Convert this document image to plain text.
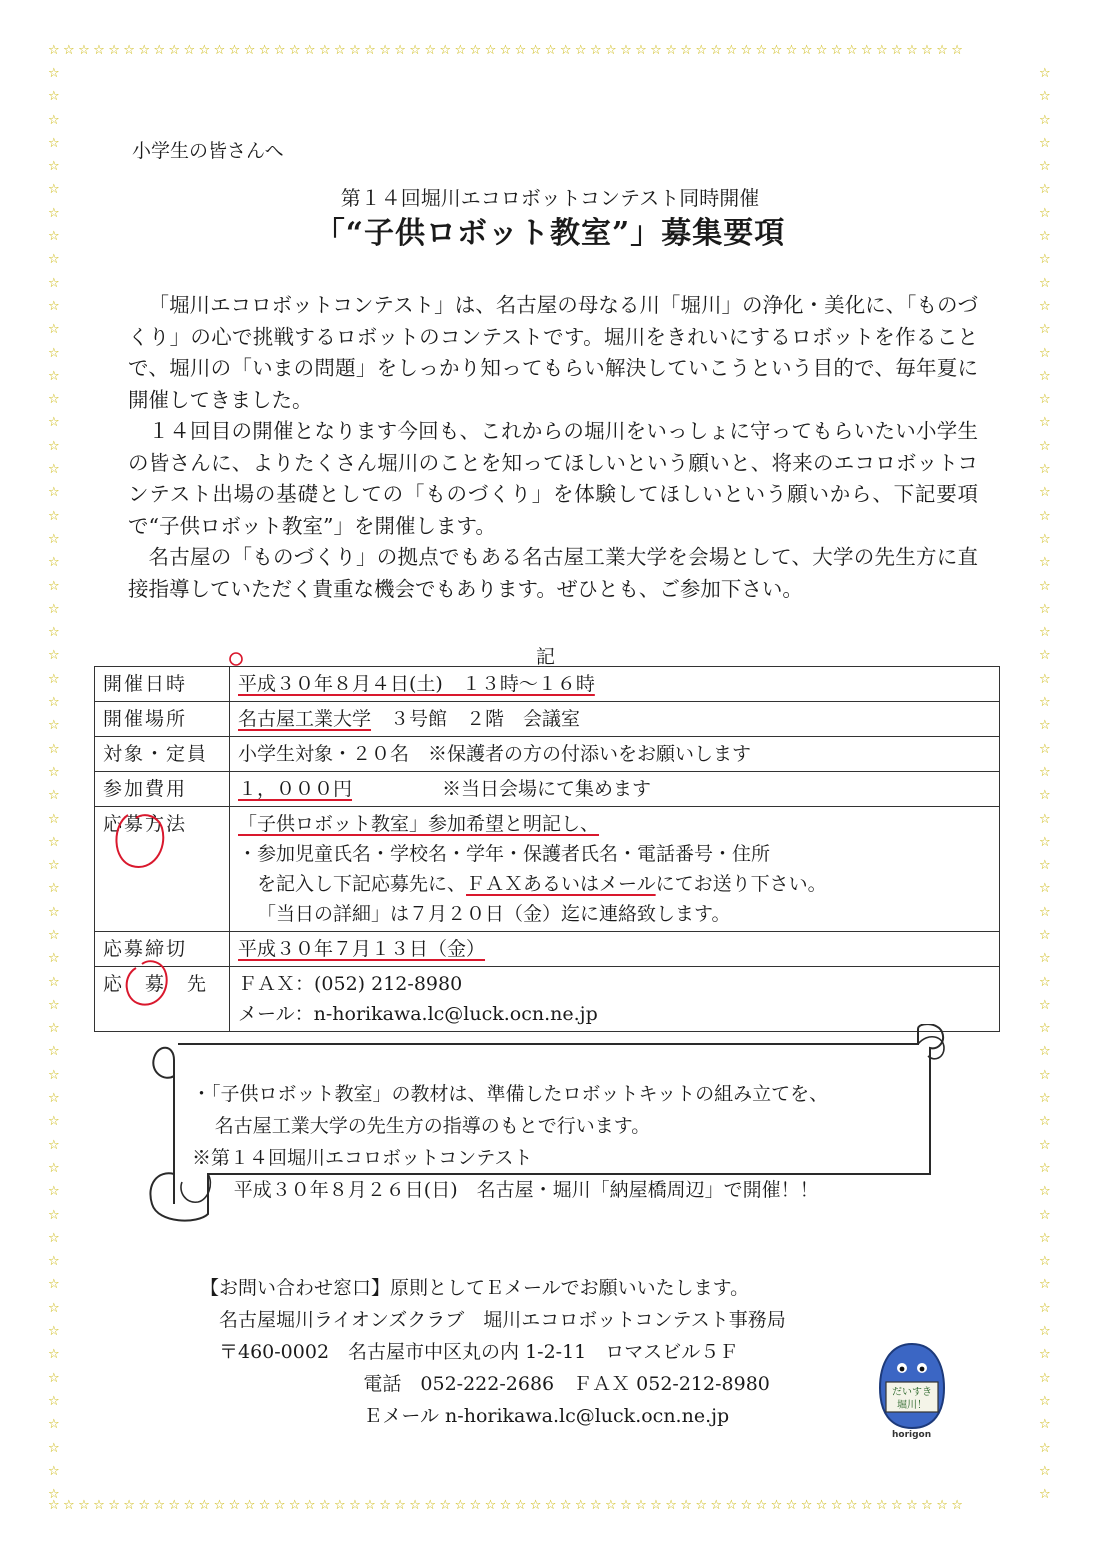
☆☆☆☆☆☆☆☆☆☆☆☆☆☆☆☆☆☆☆☆☆☆☆☆☆☆☆☆☆☆☆☆☆☆☆☆☆☆☆☆☆☆☆☆☆☆☆☆☆☆☆☆☆☆☆☆☆☆☆☆☆
☆☆☆☆☆☆☆☆☆☆☆☆☆☆☆☆☆☆☆☆☆☆☆☆☆☆☆☆☆☆☆☆☆☆☆☆☆☆☆☆☆☆☆☆☆☆☆☆☆☆☆☆☆☆☆☆☆☆☆☆☆
☆☆☆☆☆☆☆☆☆☆☆☆☆☆☆☆☆☆☆☆☆☆☆☆☆☆☆☆☆☆☆☆☆☆☆☆☆☆☆☆☆☆☆☆☆☆☆☆☆☆☆☆☆☆☆☆☆☆☆☆☆☆
☆☆☆☆☆☆☆☆☆☆☆☆☆☆☆☆☆☆☆☆☆☆☆☆☆☆☆☆☆☆☆☆☆☆☆☆☆☆☆☆☆☆☆☆☆☆☆☆☆☆☆☆☆☆☆☆☆☆☆☆☆☆
小学生の皆さんへ
第１４回堀川エコロボットコンテスト同時開催
「“子供ロボット教室”」募集要項

「堀川エコロボットコンテスト」は、名古屋の母なる川「堀川」の浄化・美化に、「ものづくり」の心で挑戦するロボットのコンテストです。堀川をきれいにするロボットを作ることで、堀川の「いまの問題」をしっかり知ってもらい解決していこうという目的で、毎年夏に開催してきました。

１４回目の開催となります今回も、これからの堀川をいっしょに守ってもらいたい小学生の皆さんに、よりたくさん堀川のことを知ってほしいという願いと、将来のエコロボットコンテスト出場の基礎としての「ものづくり」を体験してほしいという願いから、下記要項で“子供ロボット教室”」を開催します。

名古屋の「ものづくり」の拠点でもある名古屋工業大学を会場として、大学の先生方に直接指導していただく貴重な機会でもあります。ぜひとも、ご参加下さい。

記
開催日時	平成３０年８月４日(土)　１３時～１６時
開催場所	名古屋工業大学　３号館　２階　会議室
対象・定員	小学生対象・２０名　※保護者の方の付添いをお願いします
参加費用	１，０００円 ※当日会場にて集めます
応募方法	「子供ロボット教室」参加希望と明記し、
・参加児童氏名・学校名・学年・保護者氏名・電話番号・住所
を記入し下記応募先に、ＦＡＸあるいはメールにてお送り下さい。
「当日の詳細」は７月２０日（金）迄に連絡致します。

応募締切	平成３０年７月１３日（金）
応　募　先	ＦＡＸ：(052) 212-8980
メール：n-horikawa.lc@luck.ocn.ne.jp
・「子供ロボット教室」の教材は、準備したロボットキットの組み立てを、
名古屋工業大学の先生方の指導のもとで行います。
※第１４回堀川エコロボットコンテスト
平成３０年８月２６日(日)　名古屋・堀川「納屋橋周辺」で開催！！
【お問い合わせ窓口】原則としてＥメールでお願いいたします。
名古屋堀川ライオンズクラブ　堀川エコロボットコンテスト事務局
〒460-0002　名古屋市中区丸の内 1-2-11　ロマスビル５Ｆ
電話　052-222-2686　ＦＡＸ 052-212-8980
Ｅメール n-horikawa.lc@luck.ocn.ne.jp
だいすき
堀川！
horigon
